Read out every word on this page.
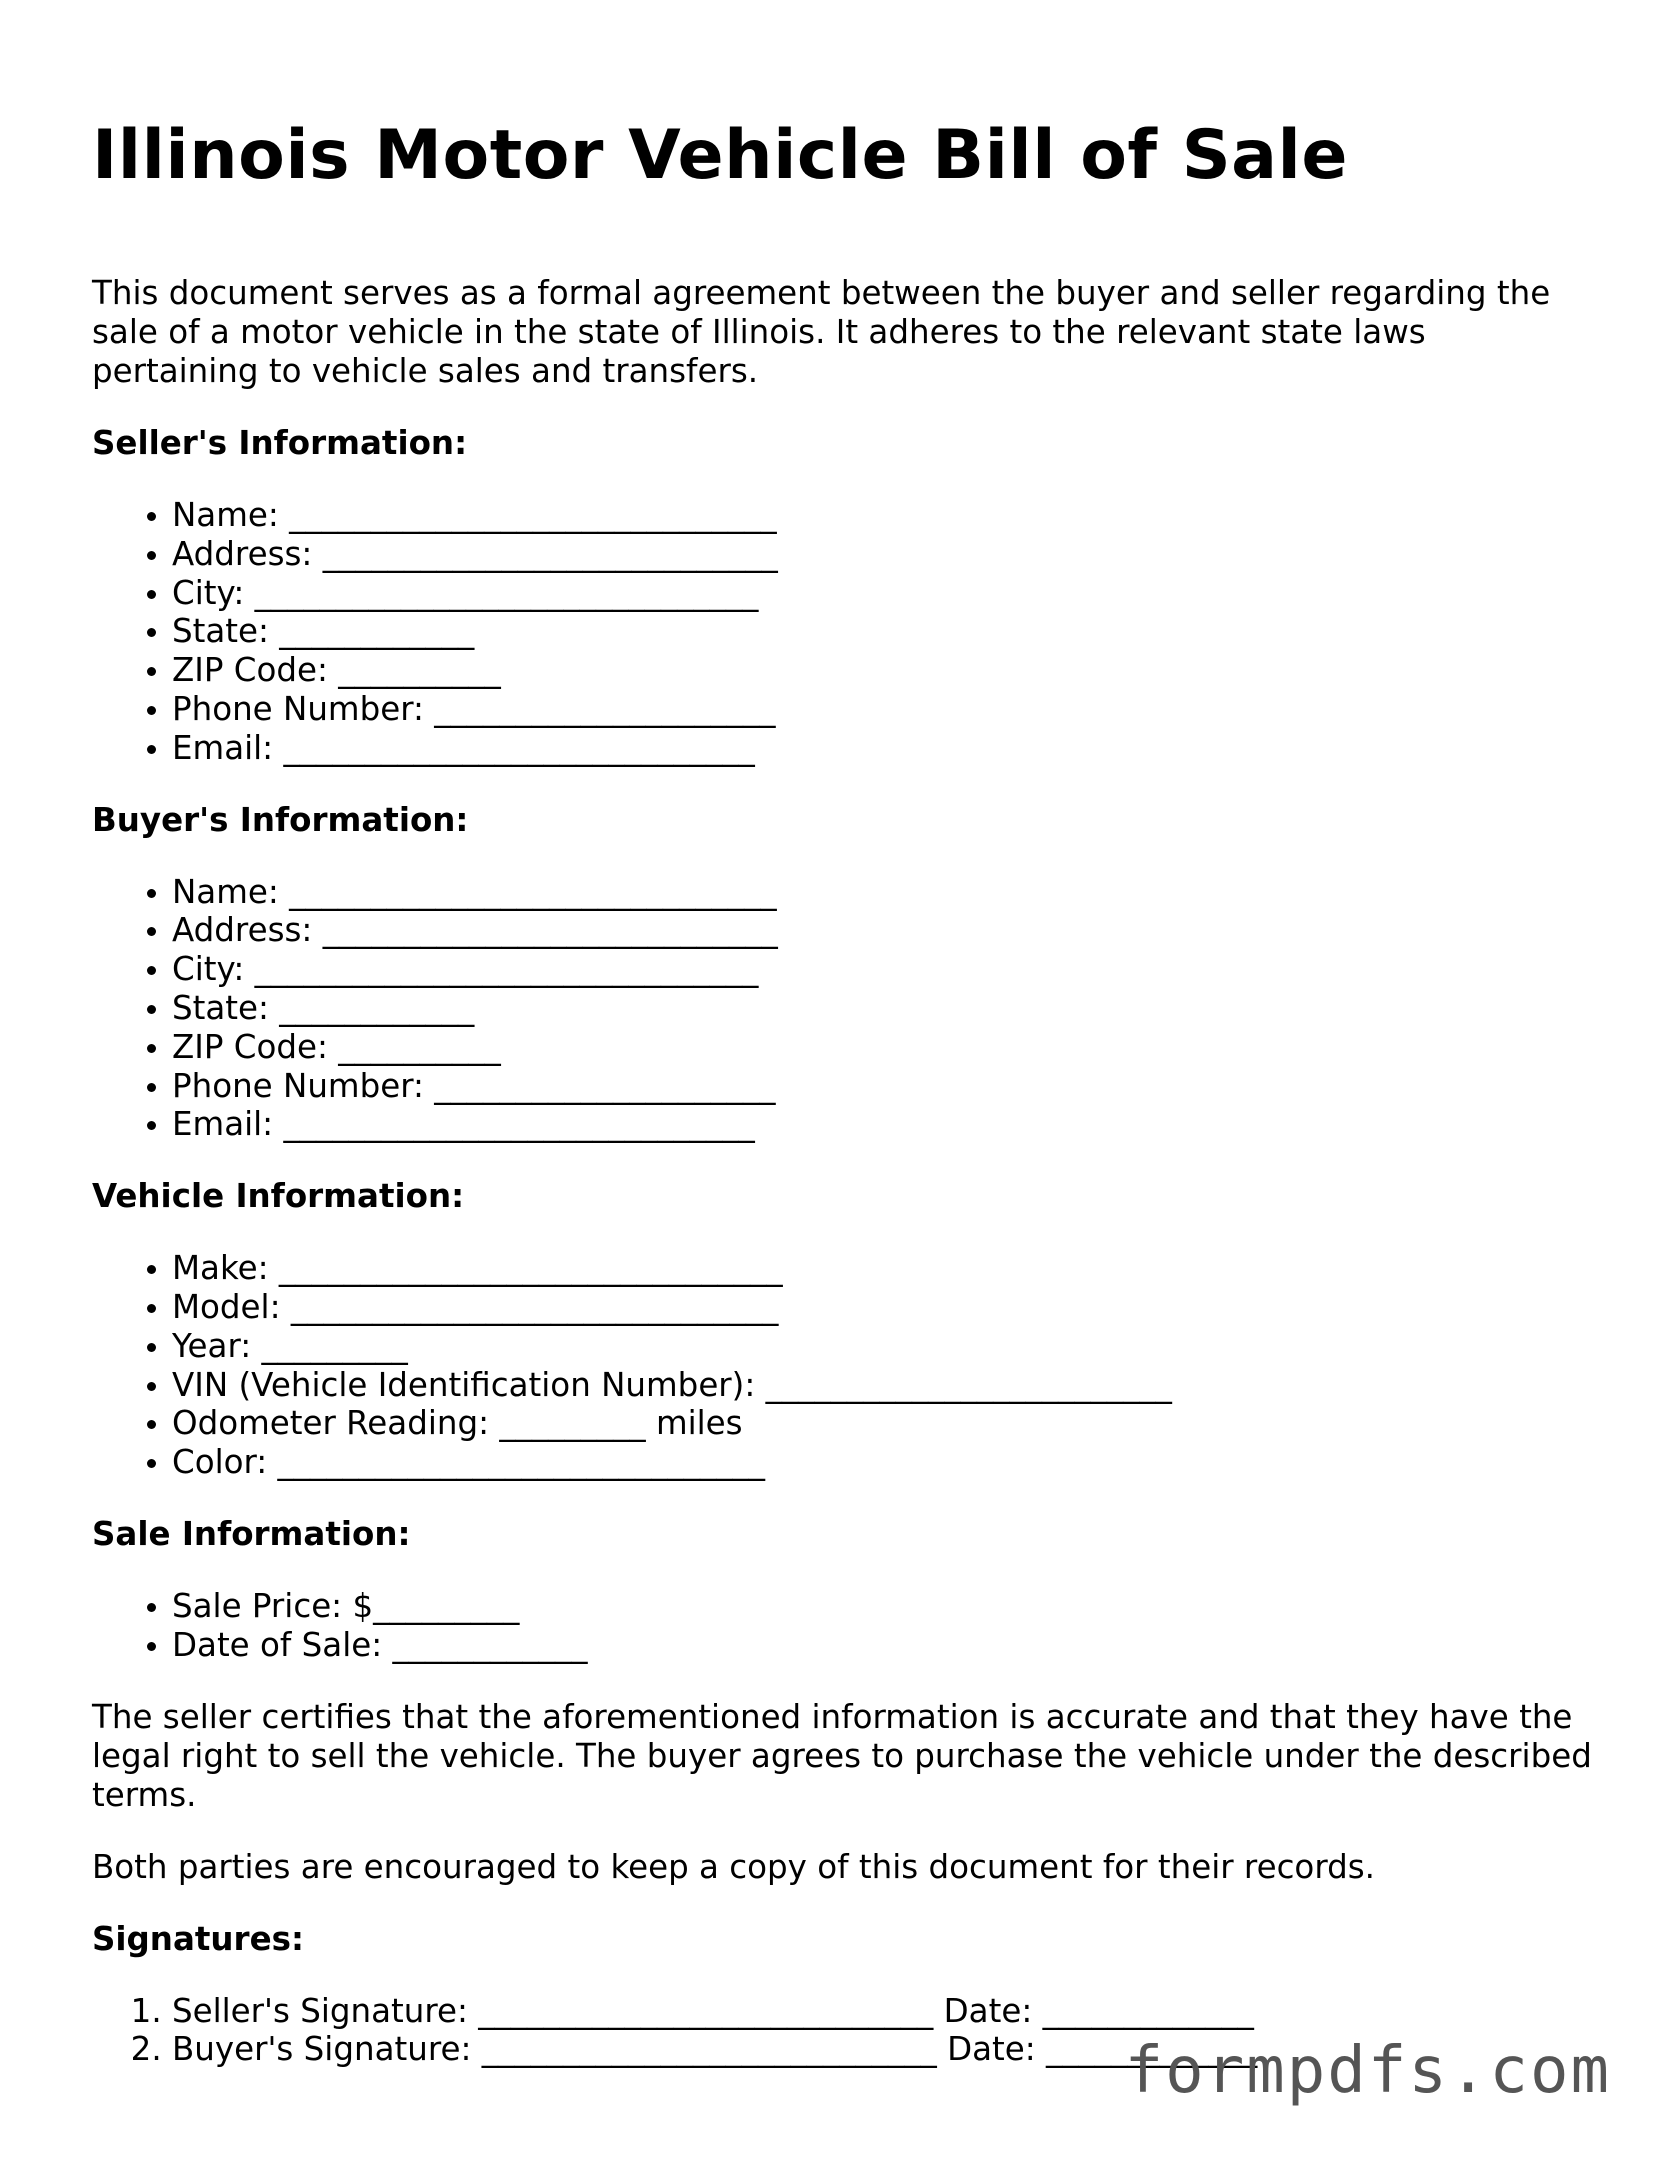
Illinois Motor Vehicle Bill of Sale

This document serves as a formal agreement between the buyer and seller regarding the sale of a motor vehicle in the state of Illinois. It adheres to the relevant state laws pertaining to vehicle sales and transfers.

Seller's Information:
• Name: ______________________________
• Address: ____________________________
• City: _______________________________
• State: ____________
• ZIP Code: __________
• Phone Number: _____________________
• Email: _____________________________
Buyer's Information:
• Name: ______________________________
• Address: ____________________________
• City: _______________________________
• State: ____________
• ZIP Code: __________
• Phone Number: _____________________
• Email: _____________________________
Vehicle Information:
• Make: _______________________________
• Model: ______________________________
• Year: _________
• VIN (Vehicle Identification Number): _________________________
• Odometer Reading: _________ miles
• Color: ______________________________
Sale Information:
• Sale Price: $_________
• Date of Sale: ____________

The seller certifies that the aforementioned information is accurate and that they have the legal right to sell the vehicle. The buyer agrees to purchase the vehicle under the described terms.

Both parties are encouraged to keep a copy of this document for their records.

Signatures:
1. Seller's Signature: ____________________________ Date: _____________
2. Buyer's Signature: ____________________________ Date: _____________
formpdfs.com
